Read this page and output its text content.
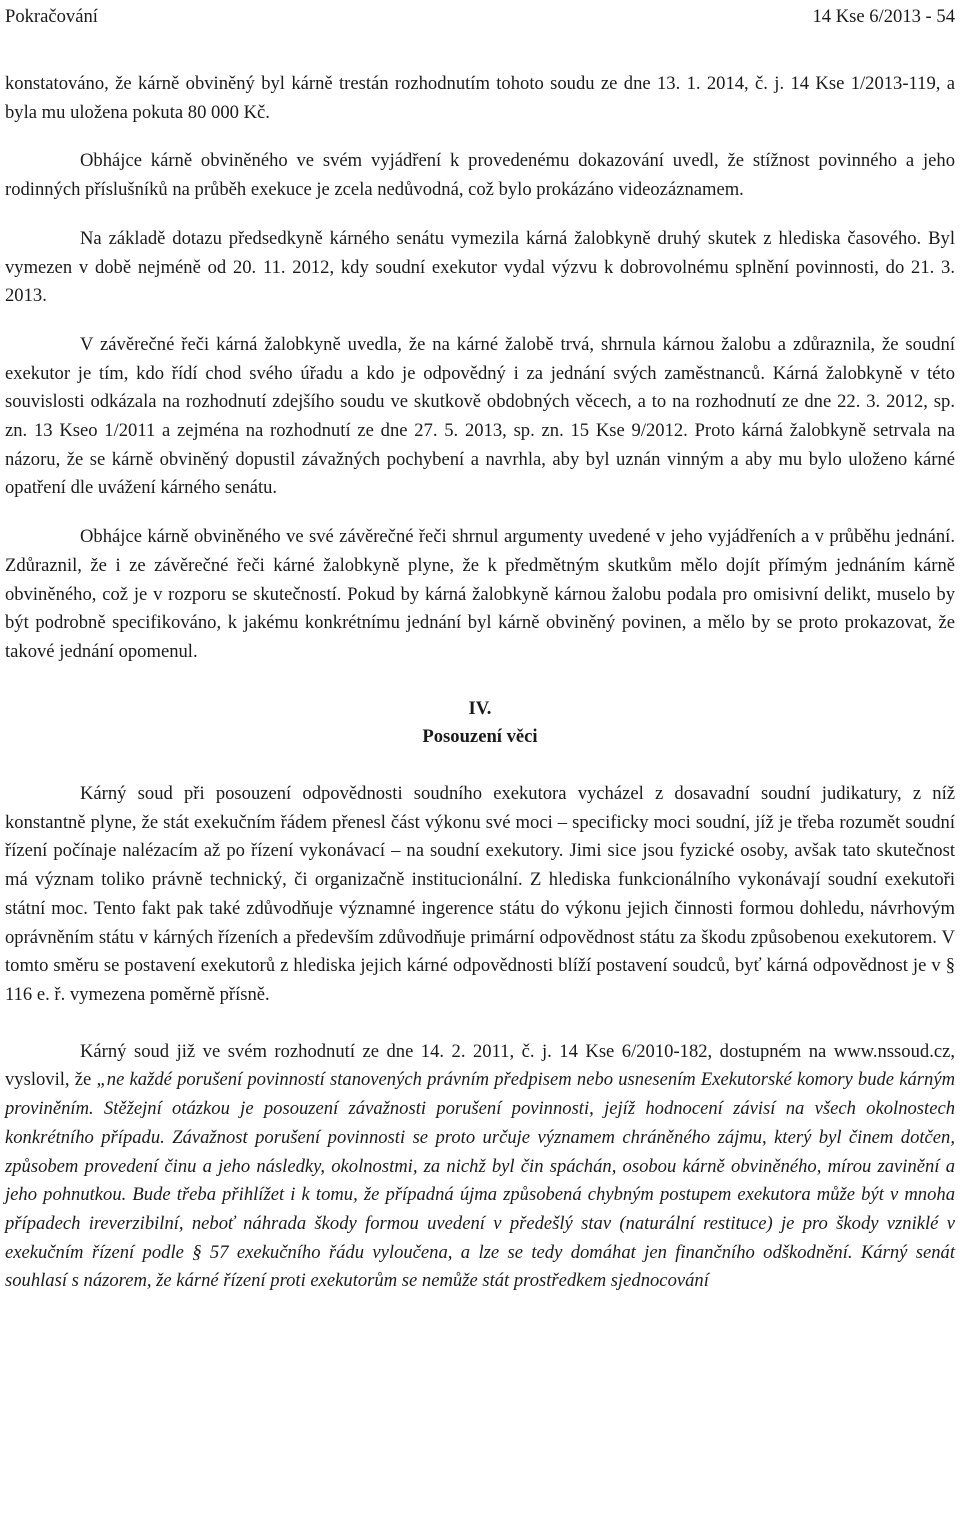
Pokračování	14 Kse 6/2013 - 54

konstatováno, že kárně obviněný byl kárně trestán rozhodnutím tohoto soudu ze dne 13. 1. 2014, č. j. 14 Kse 1/2013-119, a byla mu uložena pokuta 80 000 Kč.

Obhájce kárně obviněného ve svém vyjádření k provedenému dokazování uvedl, že stížnost povinného a jeho rodinných příslušníků na průběh exekuce je zcela nedůvodná, což bylo prokázáno videozáznamem.

Na základě dotazu předsedkyně kárného senátu vymezila kárná žalobkyně druhý skutek z hlediska časového. Byl vymezen v době nejméně od 20. 11. 2012, kdy soudní exekutor vydal výzvu k dobrovolnému splnění povinnosti, do 21. 3. 2013.

V závěrečné řeči kárná žalobkyně uvedla, že na kárné žalobě trvá, shrnula kárnou žalobu a zdůraznila, že soudní exekutor je tím, kdo řídí chod svého úřadu a kdo je odpovědný i za jednání svých zaměstnanců. Kárná žalobkyně v této souvislosti odkázala na rozhodnutí zdejšího soudu ve skutkově obdobných věcech, a to na rozhodnutí ze dne 22. 3. 2012, sp. zn. 13 Kseo 1/2011 a zejména na rozhodnutí ze dne 27. 5. 2013, sp. zn. 15 Kse 9/2012. Proto kárná žalobkyně setrvala na názoru, že se kárně obviněný dopustil závažných pochybení a navrhla, aby byl uznán vinným a aby mu bylo uloženo kárné opatření dle uvážení kárného senátu.

Obhájce kárně obviněného ve své závěrečné řeči shrnul argumenty uvedené v jeho vyjádřeních a v průběhu jednání. Zdůraznil, že i ze závěrečné řeči kárné žalobkyně plyne, že k předmětným skutkům mělo dojít přímým jednáním kárně obviněného, což je v rozporu se skutečností. Pokud by kárná žalobkyně kárnou žalobu podala pro omisivní delikt, muselo by být podrobně specifikováno, k jakému konkrétnímu jednání byl kárně obviněný povinen, a mělo by se proto prokazovat, že takové jednání opomenul.

IV.

Posouzení věci

Kárný soud při posouzení odpovědnosti soudního exekutora vycházel z dosavadní soudní judikatury, z níž konstantně plyne, že stát exekučním řádem přenesl část výkonu své moci – specificky moci soudní, jíž je třeba rozumět soudní řízení počínaje nalézacím až po řízení vykonávací – na soudní exekutory. Jimi sice jsou fyzické osoby, avšak tato skutečnost má význam toliko právně technický, či organizačně institucionální. Z hlediska funkcionálního vykonávají soudní exekutoři státní moc. Tento fakt pak také zdůvodňuje významné ingerence státu do výkonu jejich činnosti formou dohledu, návrhovým oprávněním státu v kárných řízeních a především zdůvodňuje primární odpovědnost státu za škodu způsobenou exekutorem. V tomto směru se postavení exekutorů z hlediska jejich kárné odpovědnosti blíží postavení soudců, byť kárná odpovědnost je v § 116 e. ř. vymezena poměrně přísně.

Kárný soud již ve svém rozhodnutí ze dne 14. 2. 2011, č. j. 14 Kse 6/2010-182, dostupném na www.nssoud.cz, vyslovil, že „ne každé porušení povinností stanovených právním předpisem nebo usnesením Exekutorské komory bude kárným proviněním. Stěžejní otázkou je posouzení závažnosti porušení povinnosti, jejíž hodnocení závisí na všech okolnostech konkrétního případu. Závažnost porušení povinnosti se proto určuje významem chráněného zájmu, který byl činem dotčen, způsobem provedení činu a jeho následky, okolnostmi, za nichž byl čin spáchán, osobou kárně obviněného, mírou zavinění a jeho pohnutkou. Bude třeba přihlížet i k tomu, že případná újma způsobená chybným postupem exekutora může být v mnoha případech ireverzibilní, neboť náhrada škody formou uvedení v předešlý stav (naturální restituce) je pro škody vzniklé v exekučním řízení podle § 57 exekučního řádu vyloučena, a lze se tedy domáhat jen finančního odškodnění. Kárný senát souhlasí s názorem, že kárné řízení proti exekutorům se nemůže stát prostředkem sjednocování
